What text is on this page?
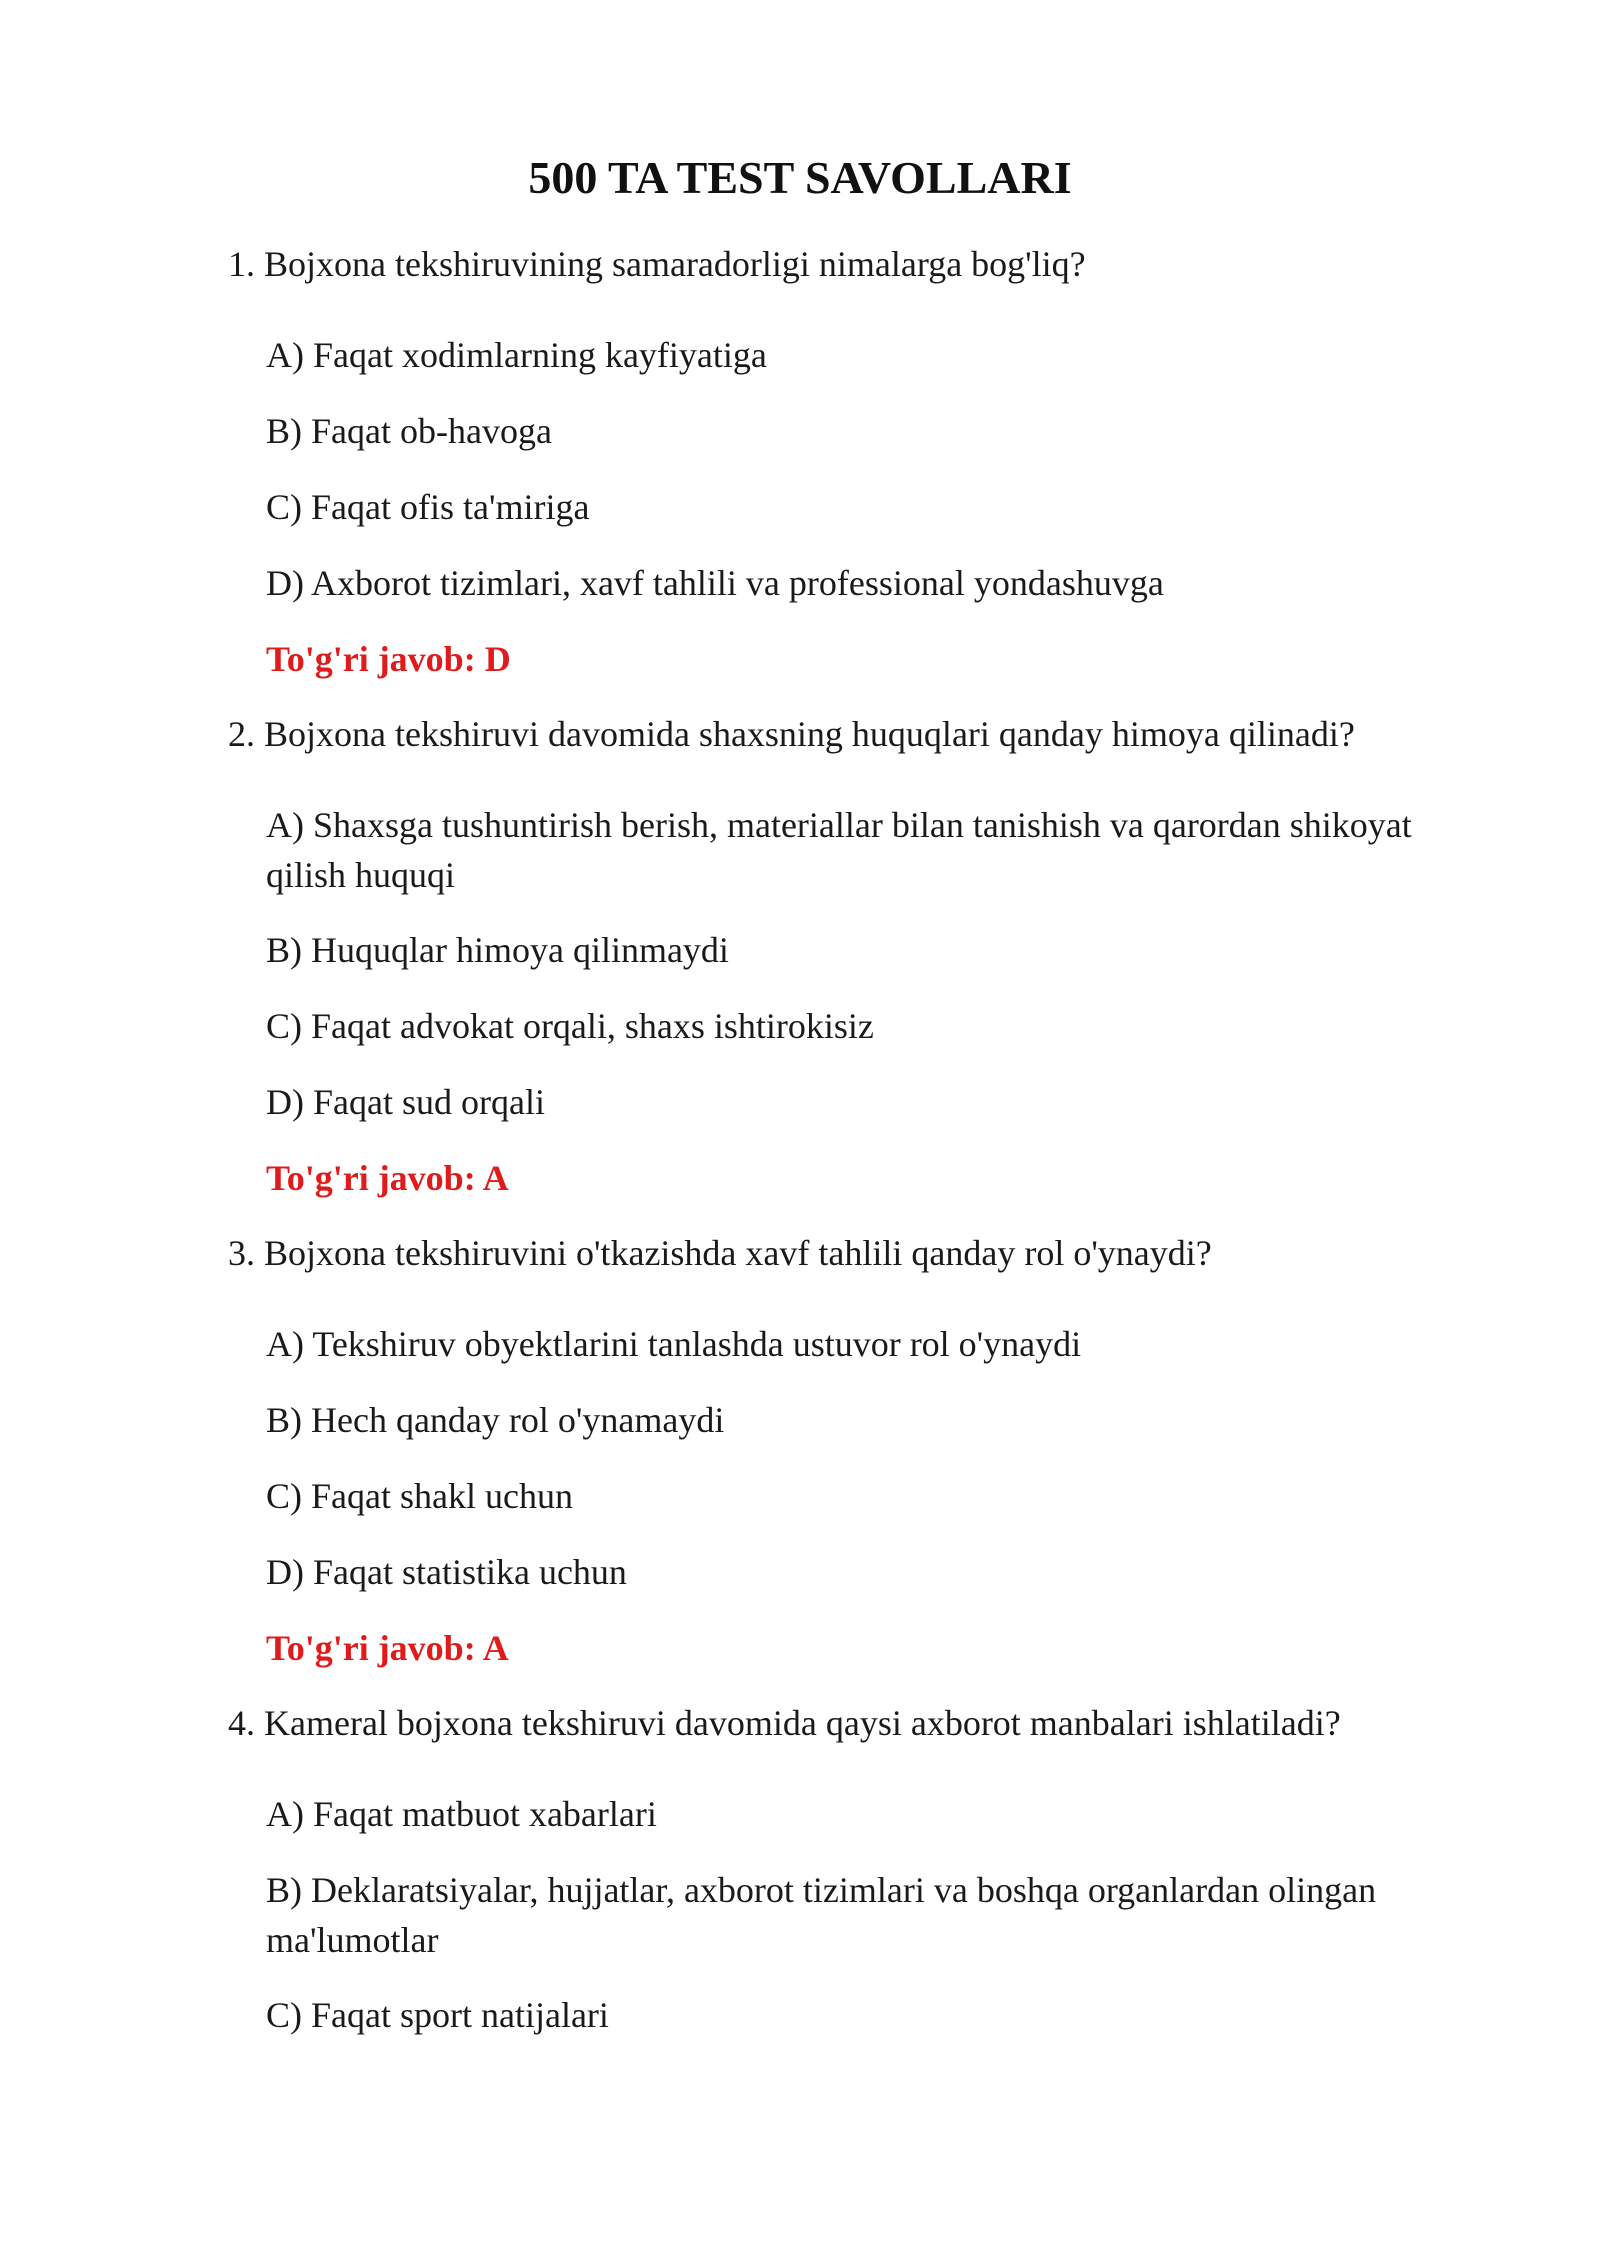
500 TA TEST SAVOLLARI
1. Bojxona tekshiruvining samaradorligi nimalarga bog'liq?
A) Faqat xodimlarning kayfiyatiga
B) Faqat ob-havoga
C) Faqat ofis ta'miriga
D) Axborot tizimlari, xavf tahlili va professional yondashuvga
To'g'ri javob: D
2. Bojxona tekshiruvi davomida shaxsning huquqlari qanday himoya qilinadi?
A) Shaxsga tushuntirish berish, materiallar bilan tanishish va qarordan shikoyat qilish huquqi
B) Huquqlar himoya qilinmaydi
C) Faqat advokat orqali, shaxs ishtirokisiz
D) Faqat sud orqali
To'g'ri javob: A
3. Bojxona tekshiruvini o'tkazishda xavf tahlili qanday rol o'ynaydi?
A) Tekshiruv obyektlarini tanlashda ustuvor rol o'ynaydi
B) Hech qanday rol o'ynamaydi
C) Faqat shakl uchun
D) Faqat statistika uchun
To'g'ri javob: A
4. Kameral bojxona tekshiruvi davomida qaysi axborot manbalari ishlatiladi?
A) Faqat matbuot xabarlari
B) Deklaratsiyalar, hujjatlar, axborot tizimlari va boshqa organlardan olingan ma'lumotlar
C) Faqat sport natijalari
